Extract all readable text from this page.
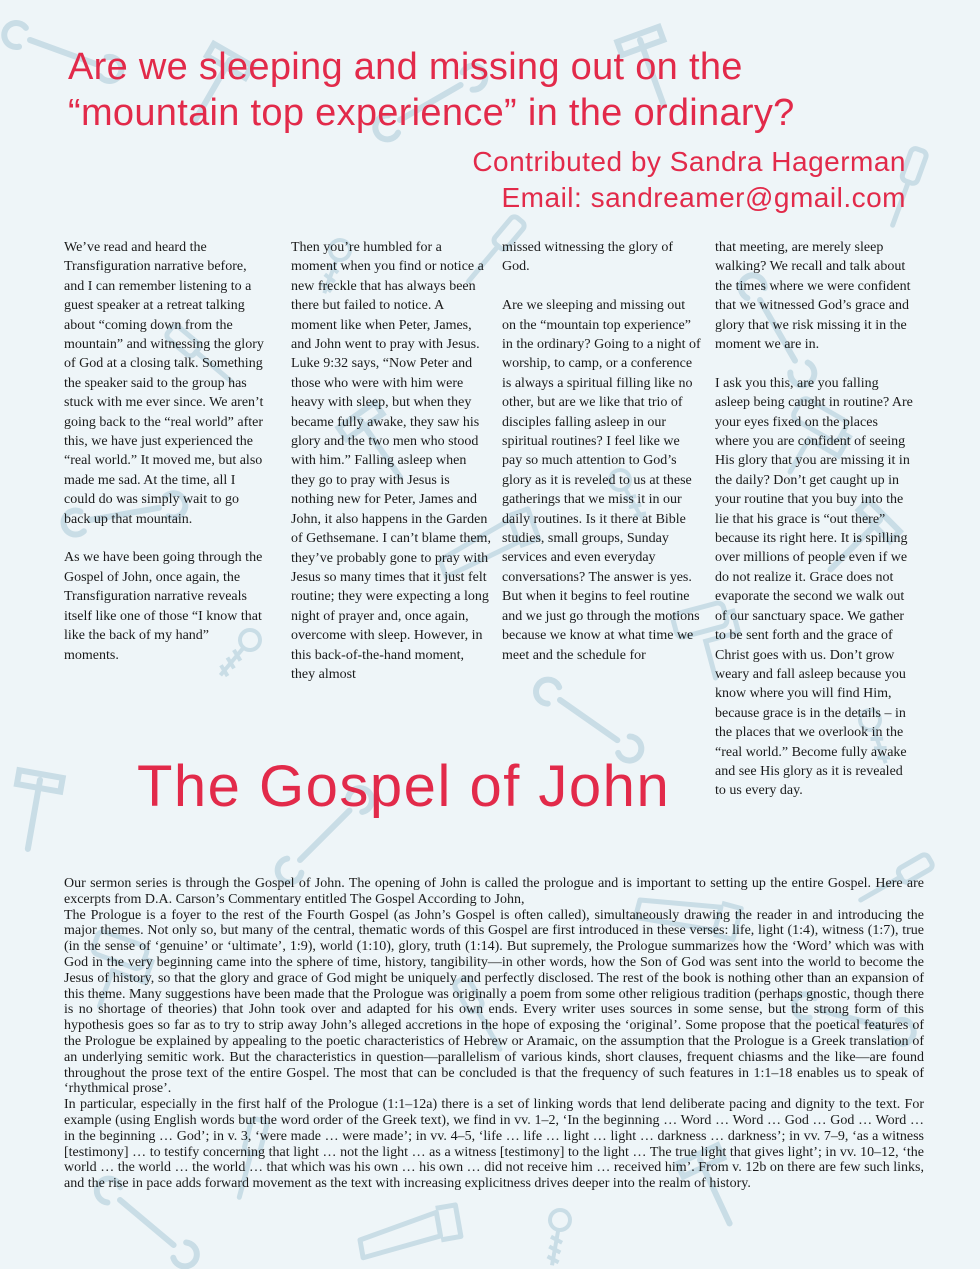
Are we sleeping and missing out on the
“mountain top experience” in the ordinary?
Contributed by Sandra Hagerman
Email: sandreamer@gmail.com

We’ve read and heard the Transfiguration narrative before, and I can remember listening to a guest speaker at a retreat talking about “coming down from the mountain” and witnessing the glory of God at a closing talk. Something the speaker said to the group has stuck with me ever since. We aren’t going back to the “real world” after this, we have just experienced the “real world.” It moved me, but also made me sad. At the time, all I could do was simply wait to go back up that mountain.

As we have been going through the Gospel of John, once again, the Transfiguration narrative reveals itself like one of those “I know that like the back of my hand” moments.

Then you’re humbled for a moment when you find or notice a new freckle that has always been there but failed to notice. A moment like when Peter, James, and John went to pray with Jesus. Luke 9:32 says, “Now Peter and those who were with him were heavy with sleep, but when they became fully awake, they saw his glory and the two men who stood with him.” Falling asleep when they go to pray with Jesus is nothing new for Peter, James and John, it also happens in the Garden of Gethsemane. I can’t blame them, they’ve probably gone to pray with Jesus so many times that it just felt routine; they were expecting a long night of prayer and, once again, overcome with sleep. However, in this back-of-the-hand moment, they almost

missed witnessing the glory of God.

Are we sleeping and missing out on the “mountain top experience” in the ordinary? Going to a night of worship, to camp, or a conference is always a spiritual filling like no other, but are we like that trio of disciples falling asleep in our spiritual routines? I feel like we pay so much attention to God’s glory as it is reveled to us at these gatherings that we miss it in our daily routines. Is it there at Bible studies, small groups, Sunday services and even everyday conversations? The answer is yes. But when it begins to feel routine and we just go through the motions because we know at what time we meet and the schedule for

that meeting, are merely sleep walking? We recall and talk about the times where we were confident that we witnessed God’s grace and glory that we risk missing it in the moment we are in.

I ask you this, are you falling asleep being caught in routine? Are your eyes fixed on the places where you are confident of seeing His glory that you are missing it in the daily? Don’t get caught up in your routine that you buy into the lie that his grace is “out there” because its right here. It is spilling over millions of people even if we do not realize it. Grace does not evaporate the second we walk out of our sanctuary space. We gather to be sent forth and the grace of Christ goes with us. Don’t grow weary and fall asleep because you know where you will find Him, because grace is in the details – in the places that we overlook in the “real world.” Become fully awake and see His glory as it is revealed to us every day.

The Gospel of John

Our sermon series is through the Gospel of John. The opening of John is called the prologue and is important to setting up the entire Gospel. Here are excerpts from D.A. Carson’s Commentary entitled The Gospel According to John,

The Prologue is a foyer to the rest of the Fourth Gospel (as John’s Gospel is often called), simultaneously drawing the reader in and introducing the major themes. Not only so, but many of the central, thematic words of this Gospel are first introduced in these verses: life, light (1:4), witness (1:7), true (in the sense of ‘genuine’ or ‘ultimate’, 1:9), world (1:10), glory, truth (1:14). But supremely, the Prologue summarizes how the ‘Word’ which was with God in the very beginning came into the sphere of time, history, tangibility—in other words, how the Son of God was sent into the world to become the Jesus of history, so that the glory and grace of God might be uniquely and perfectly disclosed. The rest of the book is nothing other than an expansion of this theme. Many suggestions have been made that the Prologue was originally a poem from some other religious tradition (perhaps gnostic, though there is no shortage of theories) that John took over and adapted for his own ends. Every writer uses sources in some sense, but the strong form of this hypothesis goes so far as to try to strip away John’s alleged accretions in the hope of exposing the ‘original’. Some propose that the poetical features of the Prologue be explained by appealing to the poetic characteristics of Hebrew or Aramaic, on the assumption that the Prologue is a Greek translation of an underlying semitic work. But the characteristics in question—parallelism of various kinds, short clauses, frequent chiasms and the like—are found throughout the prose text of the entire Gospel. The most that can be concluded is that the frequency of such features in 1:1–18 enables us to speak of ‘rhythmical prose’.

In particular, especially in the first half of the Prologue (1:1–12a) there is a set of linking words that lend deliberate pacing and dignity to the text. For example (using English words but the word order of the Greek text), we find in vv. 1–2, ‘In the beginning … Word … Word … God … God … Word … in the beginning … God’; in v. 3, ‘were made … were made’; in vv. 4–5, ‘life … life … light … light … darkness … darkness’; in vv. 7–9, ‘as a witness [testimony] … to testify concerning that light … not the light … as a witness [testimony] to the light … The true light that gives light’; in vv. 10–12, ‘the world … the world … the world … that which was his own … his own … did not receive him … received him’. From v. 12b on there are few such links, and the rise in pace adds forward movement as the text with increasing explicitness drives deeper into the realm of history.
